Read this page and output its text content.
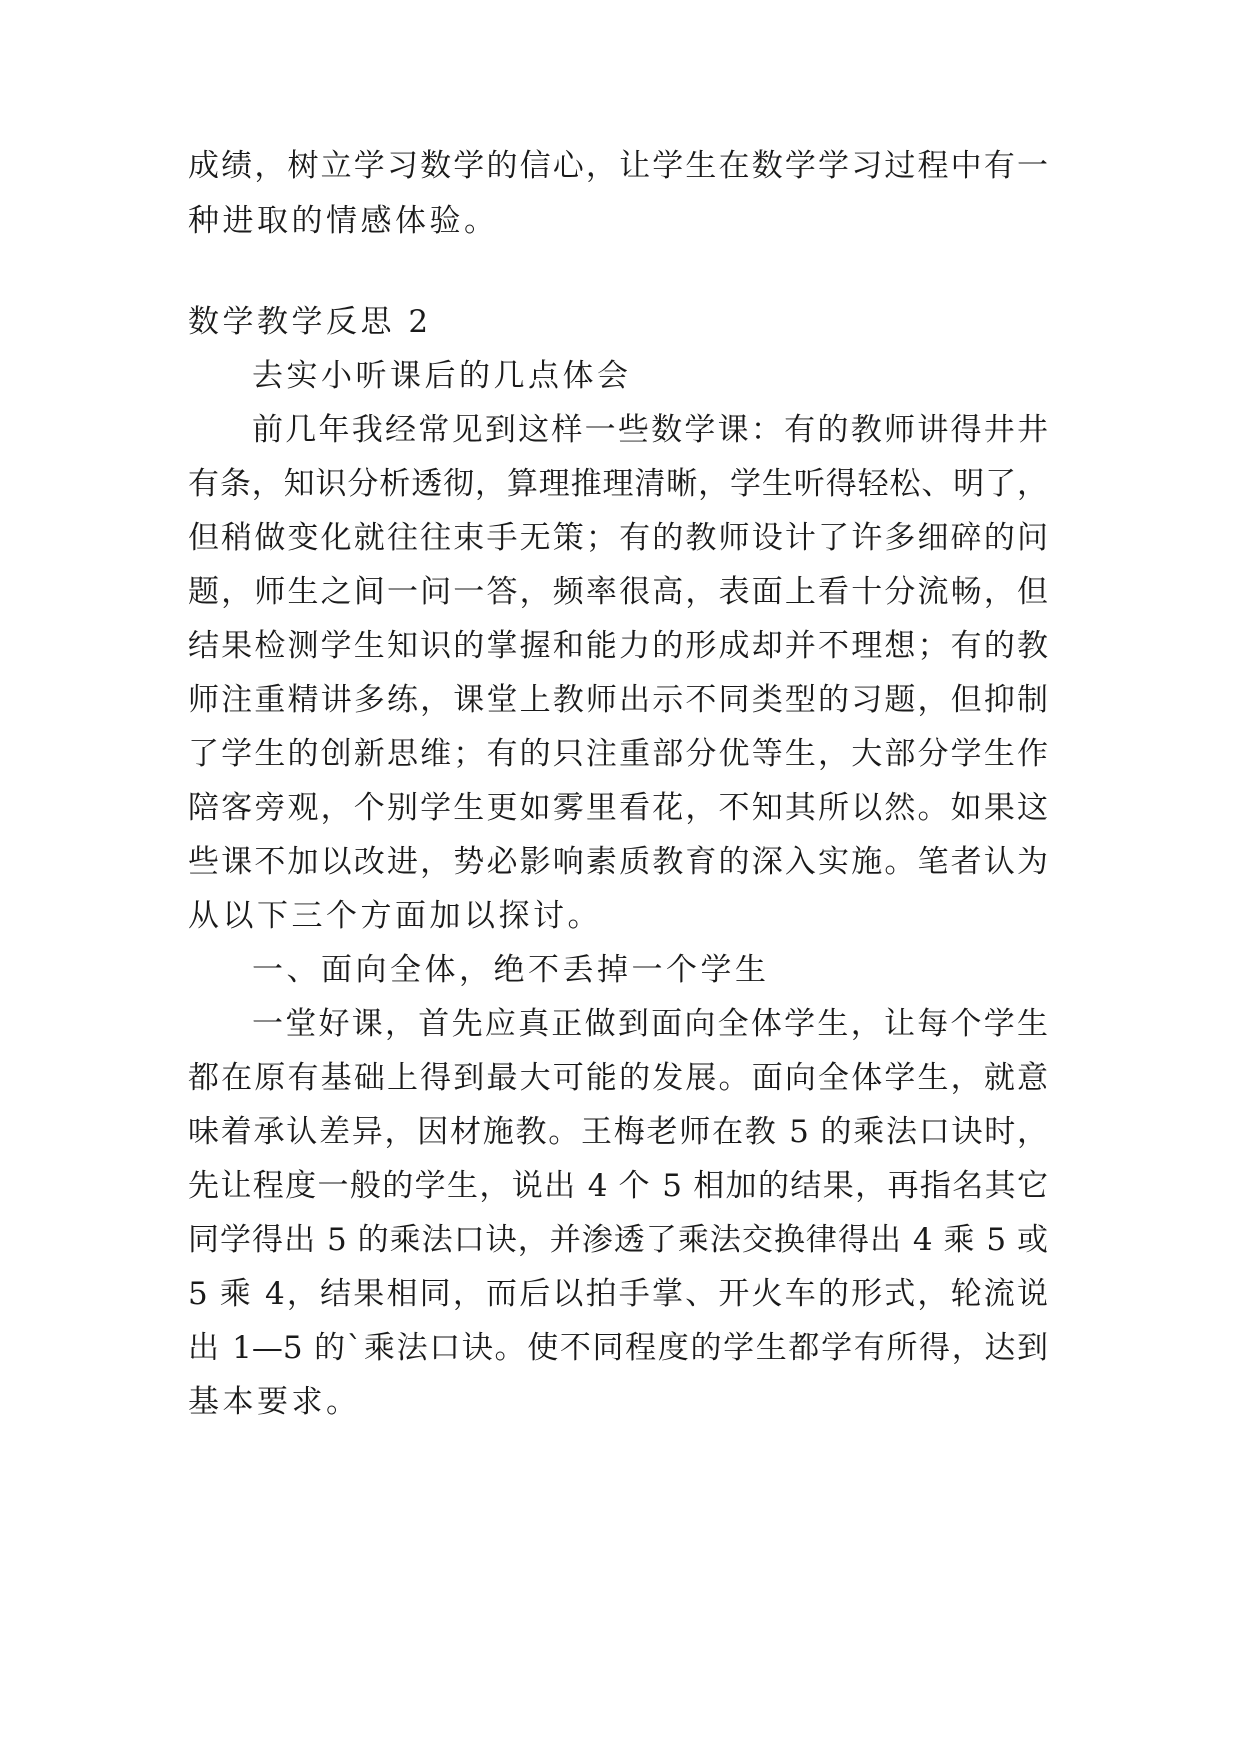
成绩，树立学习数学的信心，让学生在数学学习过程中有一
种进取的情感体验。
数学教学反思 2
去实小听课后的几点体会
前几年我经常见到这样一些数学课：有的教师讲得井井
有条，知识分析透彻，算理推理清晰，学生听得轻松、明了，
但稍做变化就往往束手无策；有的教师设计了许多细碎的问
题，师生之间一问一答，频率很高，表面上看十分流畅，但
结果检测学生知识的掌握和能力的形成却并不理想；有的教
师注重精讲多练，课堂上教师出示不同类型的习题，但抑制
了学生的创新思维；有的只注重部分优等生，大部分学生作
陪客旁观，个别学生更如雾里看花，不知其所以然。如果这
些课不加以改进，势必影响素质教育的深入实施。笔者认为
从以下三个方面加以探讨。
一、面向全体，绝不丢掉一个学生
一堂好课，首先应真正做到面向全体学生，让每个学生
都在原有基础上得到最大可能的发展。面向全体学生，就意
味着承认差异，因材施教。王梅老师在教 5 的乘法口诀时，
先让程度一般的学生，说出 4 个 5 相加的结果，再指名其它
同学得出 5 的乘法口诀，并渗透了乘法交换律得出 4 乘 5 或
5 乘 4，结果相同，而后以拍手掌、开火车的形式，轮流说
出 1—5 的`乘法口诀。使不同程度的学生都学有所得，达到
基本要求。
